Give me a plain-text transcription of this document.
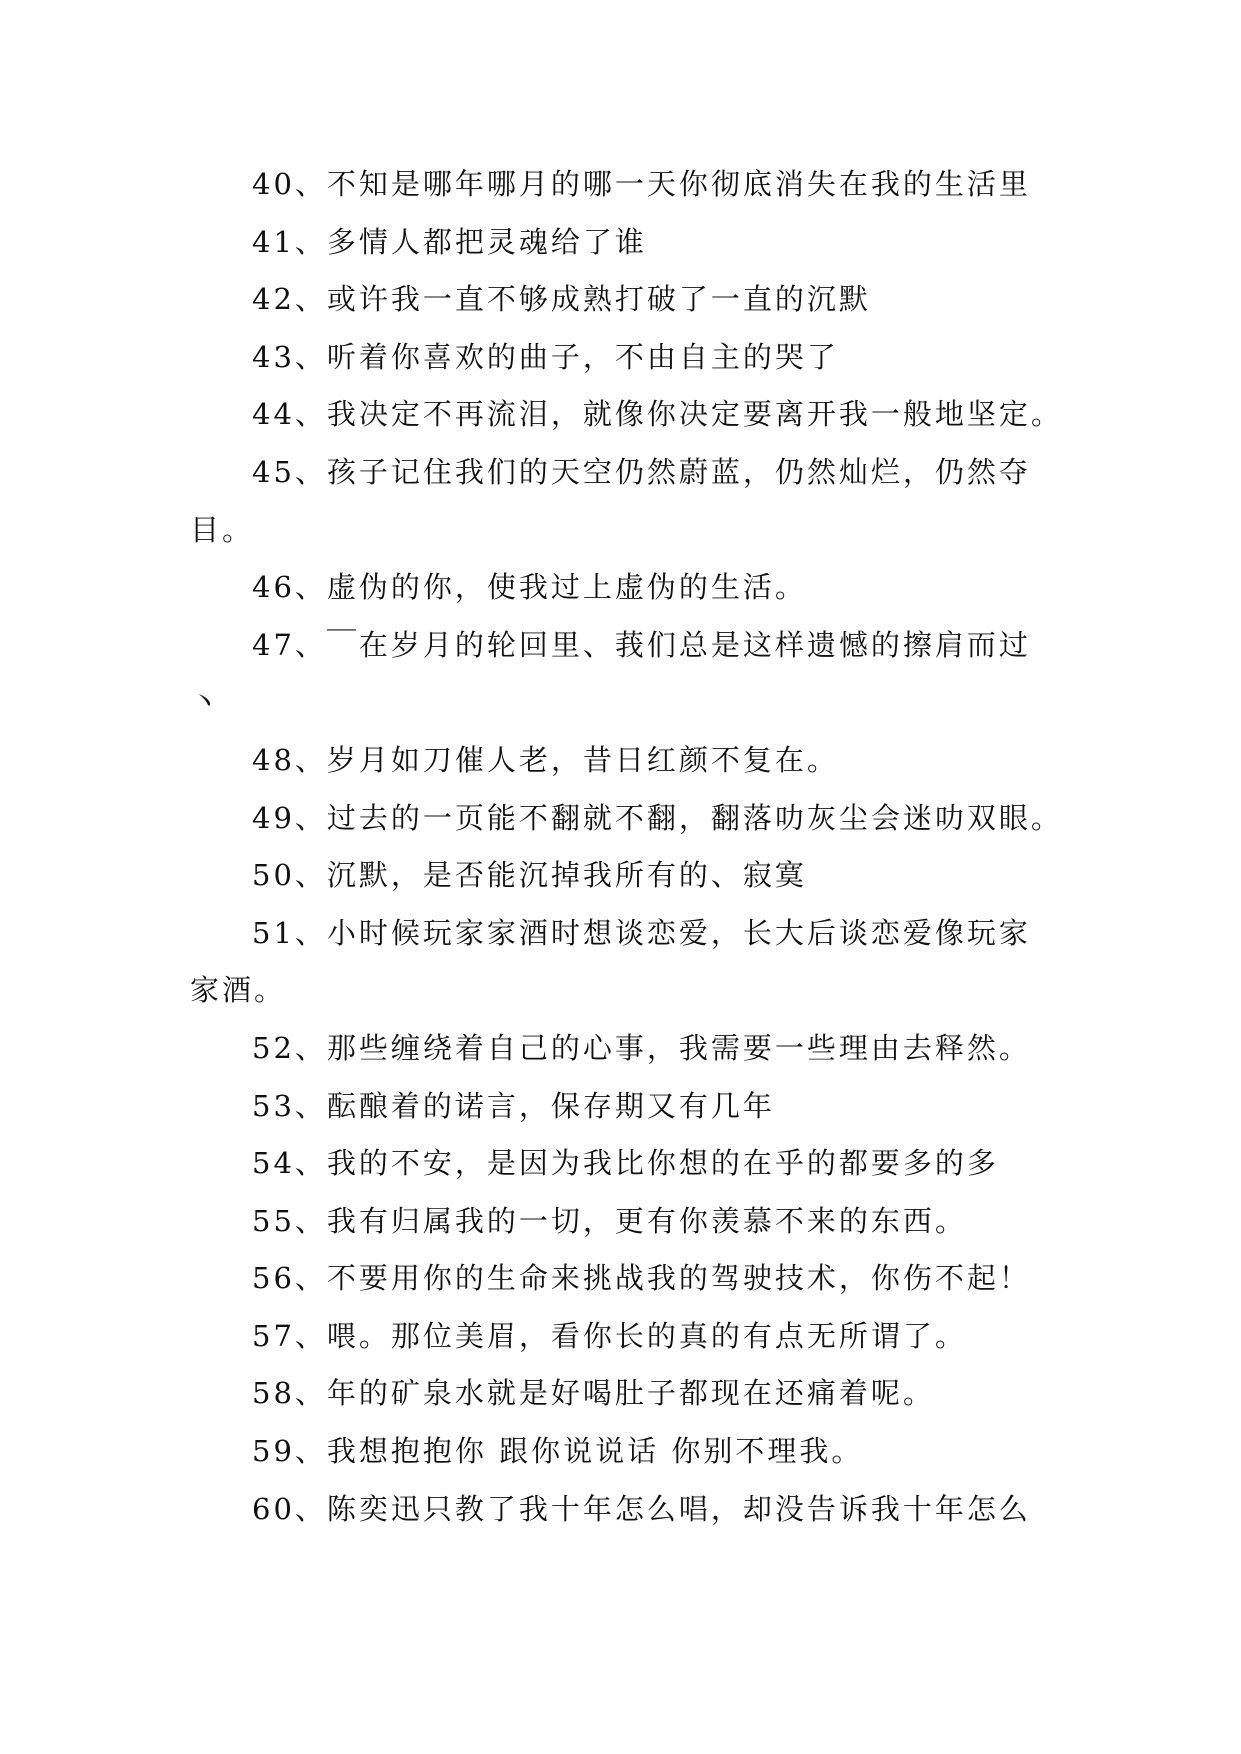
40、不知是哪年哪月的哪一天你彻底消失在我的生活里
41、多情人都把灵魂给了谁
42、或许我一直不够成熟打破了一直的沉默
43、听着你喜欢的曲子，不由自主的哭了
44、我决定不再流泪，就像你决定要离开我一般地坚定。
45、孩子记住我们的天空仍然蔚蓝，仍然灿烂，仍然夺
目。
46、虚伪的你，使我过上虚伪的生活。
47、￣在岁月的轮回里、莪们总是这样遗憾的擦肩而过
丶
48、岁月如刀催人老，昔日红颜不复在。
49、过去的一页能不翻就不翻，翻落叻灰尘会迷叻双眼。
50、沉默，是否能沉掉我所有的、寂寞
51、小时候玩家家酒时想谈恋爱，长大后谈恋爱像玩家
家酒。
52、那些缠绕着自己的心事，我需要一些理由去释然。
53、酝酿着的诺言，保存期又有几年
54、我的不安，是因为我比你想的在乎的都要多的多
55、我有归属我的一切，更有你羡慕不来的东西。
56、不要用你的生命来挑战我的驾驶技术，你伤不起！
57、喂。那位美眉，看你长的真的有点无所谓了。
58、年的矿泉水就是好喝肚子都现在还痛着呢。
59、我想抱抱你 跟你说说话 你别不理我。
60、陈奕迅只教了我十年怎么唱，却没告诉我十年怎么
